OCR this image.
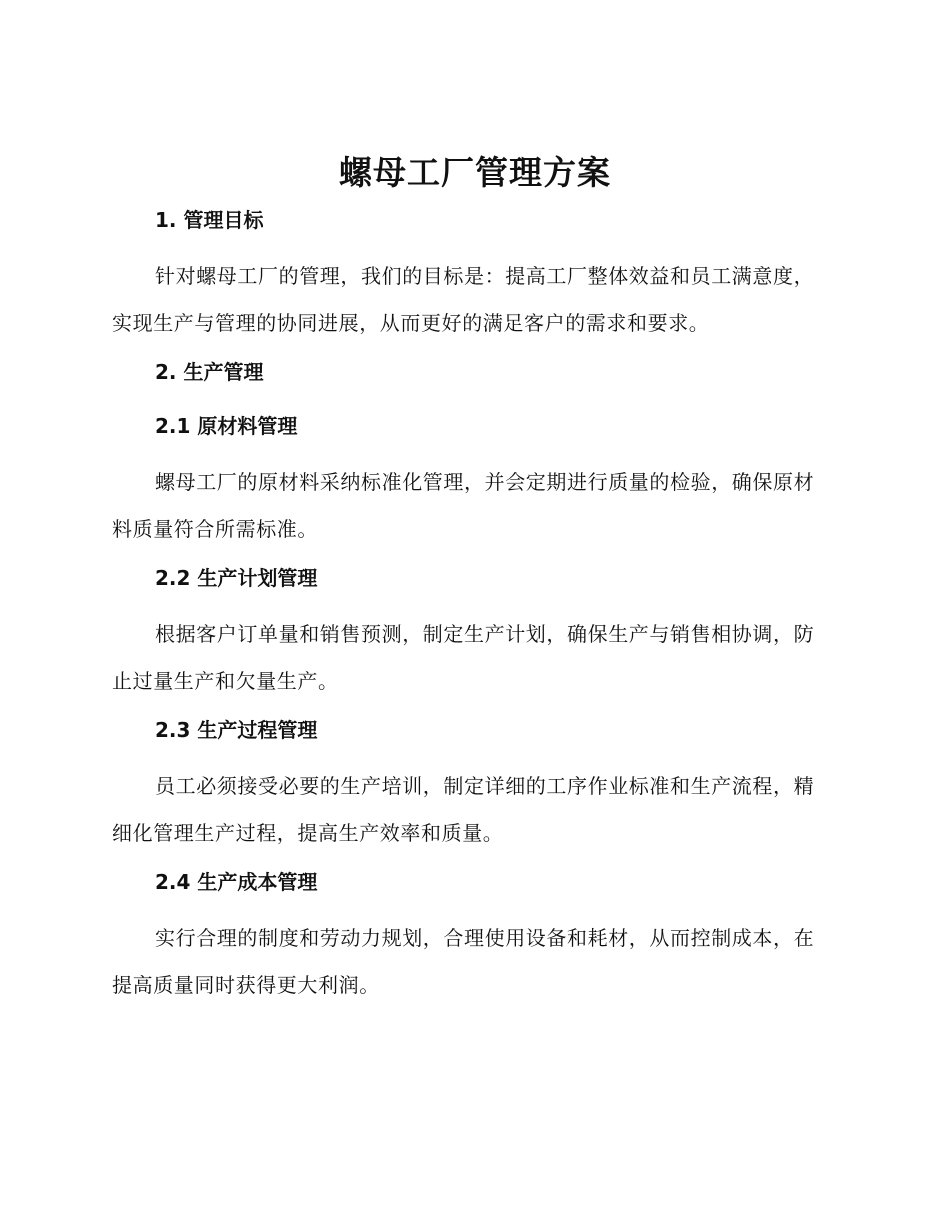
螺母工厂管理方案
1. 管理目标

针对螺母工厂的管理，我们的目标是：提高工厂整体效益和员工满意度，实现生产与管理的协同进展，从而更好的满足客户的需求和要求。

2. 生产管理
2.1 原材料管理

螺母工厂的原材料采纳标准化管理，并会定期进行质量的检验，确保原材料质量符合所需标准。

2.2 生产计划管理

根据客户订单量和销售预测，制定生产计划，确保生产与销售相协调，防止过量生产和欠量生产。

2.3 生产过程管理

员工必须接受必要的生产培训，制定详细的工序作业标准和生产流程，精细化管理生产过程，提高生产效率和质量。

2.4 生产成本管理

实行合理的制度和劳动力规划，合理使用设备和耗材，从而控制成本，在提高质量同时获得更大利润。
